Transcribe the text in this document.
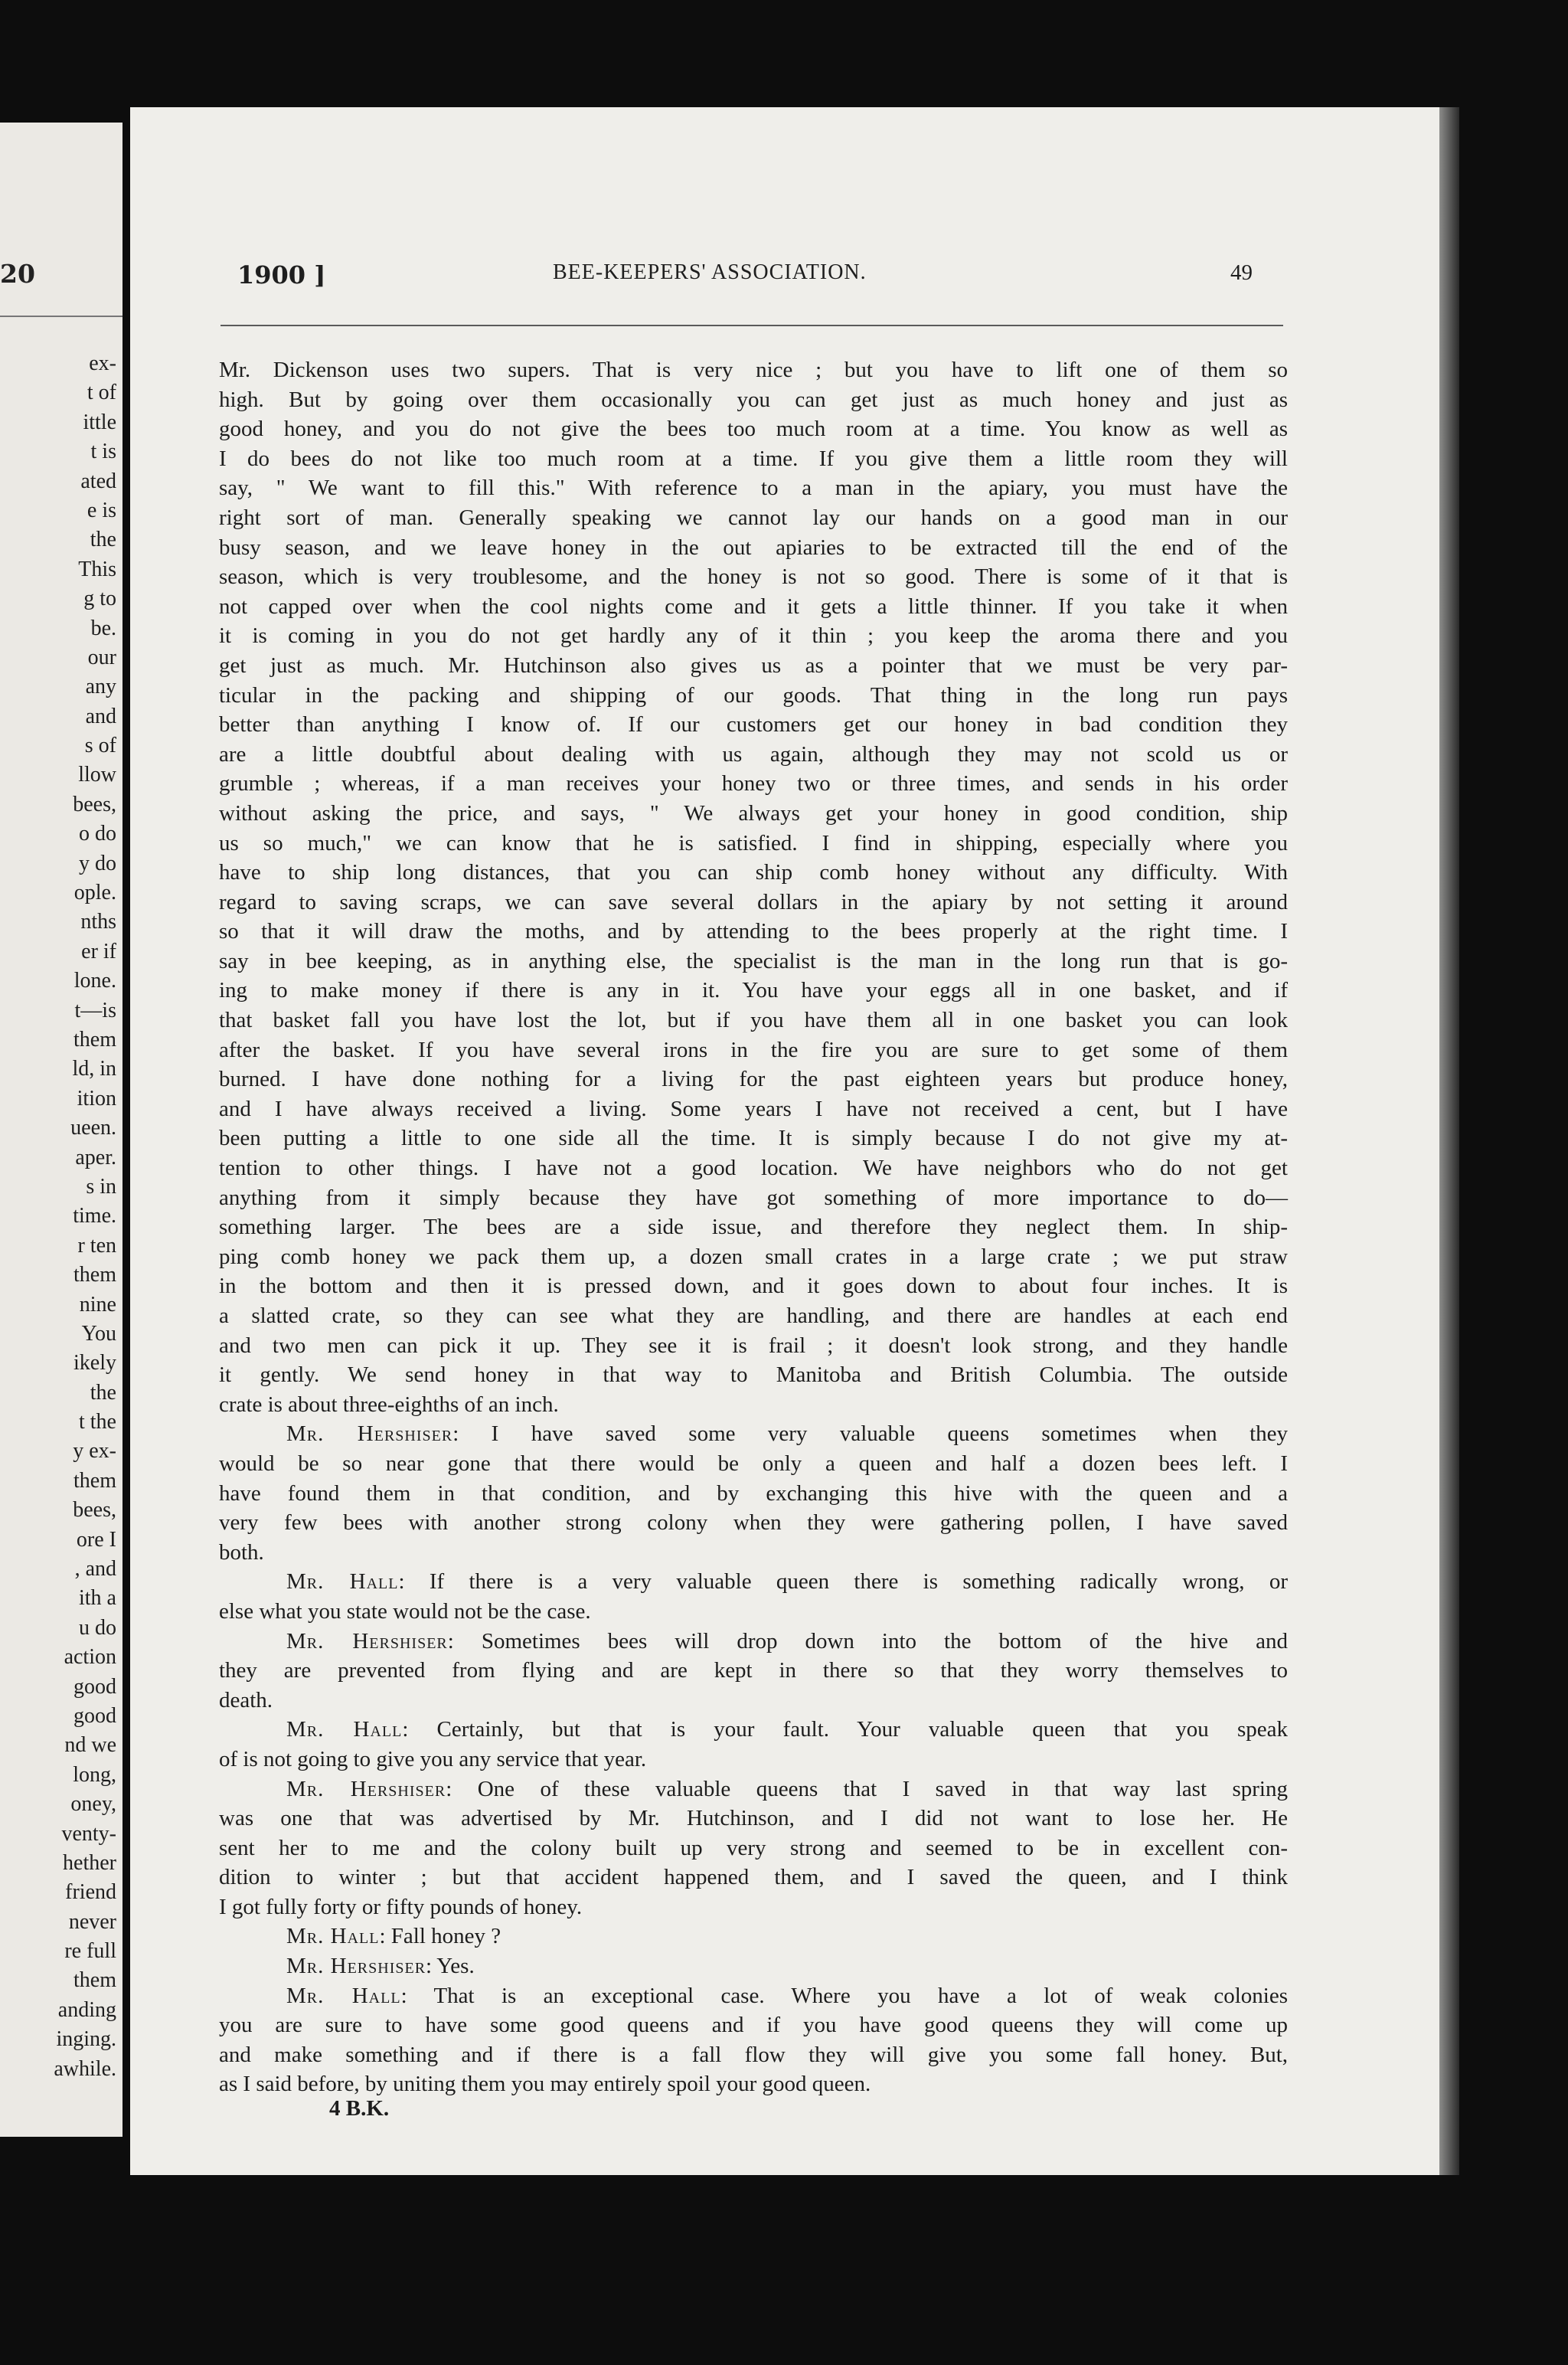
20
ex-
t of
ittle
t is
ated
e is
the
This
g to
be.
our
any
and
s of
llow
bees,
o do
y do
ople.
nths
er if
lone.
t—is
them
ld, in
ition
ueen.
aper.
s in
time.
r ten
them
nine
You
ikely
the
t the
y ex-
them
bees,
ore I
, and
ith a
u do
action
good
good
nd we
long,
oney,
venty-
hether
friend
never
re full
them
anding
inging.
awhile.
1900 ]	BEE-KEEPERS' ASSOCIATION.	49
Mr. Dickenson uses two supers. That is very nice ; but you have to lift one of them so
high. But by going over them occasionally you can get just as much honey and just as
good honey, and you do not give the bees too much room at a time. You know as well as
I do bees do not like too much room at a time. If you give them a little room they will
say, " We want to fill this." With reference to a man in the apiary, you must have the
right sort of man. Generally speaking we cannot lay our hands on a good man in our
busy season, and we leave honey in the out apiaries to be extracted till the end of the
season, which is very troublesome, and the honey is not so good. There is some of it that is
not capped over when the cool nights come and it gets a little thinner. If you take it when
it is coming in you do not get hardly any of it thin ; you keep the aroma there and you
get just as much. Mr. Hutchinson also gives us as a pointer that we must be very par-
ticular in the packing and shipping of our goods. That thing in the long run pays
better than anything I know of. If our customers get our honey in bad condition they
are a little doubtful about dealing with us again, although they may not scold us or
grumble ; whereas, if a man receives your honey two or three times, and sends in his order
without asking the price, and says, " We always get your honey in good condition, ship
us so much," we can know that he is satisfied. I find in shipping, especially where you
have to ship long distances, that you can ship comb honey without any difficulty. With
regard to saving scraps, we can save several dollars in the apiary by not setting it around
so that it will draw the moths, and by attending to the bees properly at the right time. I
say in bee keeping, as in anything else, the specialist is the man in the long run that is go-
ing to make money if there is any in it. You have your eggs all in one basket, and if
that basket fall you have lost the lot, but if you have them all in one basket you can look
after the basket. If you have several irons in the fire you are sure to get some of them
burned. I have done nothing for a living for the past eighteen years but produce honey,
and I have always received a living. Some years I have not received a cent, but I have
been putting a little to one side all the time. It is simply because I do not give my at-
tention to other things. I have not a good location. We have neighbors who do not get
anything from it simply because they have got something of more importance to do—
something larger. The bees are a side issue, and therefore they neglect them. In ship-
ping comb honey we pack them up, a dozen small crates in a large crate ; we put straw
in the bottom and then it is pressed down, and it goes down to about four inches. It is
a slatted crate, so they can see what they are handling, and there are handles at each end
and two men can pick it up. They see it is frail ; it doesn't look strong, and they handle
it gently. We send honey in that way to Manitoba and British Columbia. The outside
crate is about three-eighths of an inch.
Mr. Hershiser: I have saved some very valuable queens sometimes when they
would be so near gone that there would be only a queen and half a dozen bees left. I
have found them in that condition, and by exchanging this hive with the queen and a
very few bees with another strong colony when they were gathering pollen, I have saved
both.
Mr. Hall: If there is a very valuable queen there is something radically wrong, or
else what you state would not be the case.
Mr. Hershiser: Sometimes bees will drop down into the bottom of the hive and
they are prevented from flying and are kept in there so that they worry themselves to
death.
Mr. Hall: Certainly, but that is your fault. Your valuable queen that you speak
of is not going to give you any service that year.
Mr. Hershiser: One of these valuable queens that I saved in that way last spring
was one that was advertised by Mr. Hutchinson, and I did not want to lose her. He
sent her to me and the colony built up very strong and seemed to be in excellent con-
dition to winter ; but that accident happened them, and I saved the queen, and I think
I got fully forty or fifty pounds of honey.
Mr. Hall: Fall honey ?
Mr. Hershiser: Yes.
Mr. Hall: That is an exceptional case. Where you have a lot of weak colonies
you are sure to have some good queens and if you have good queens they will come up
and make something and if there is a fall flow they will give you some fall honey. But,
as I said before, by uniting them you may entirely spoil your good queen.
4 B.K.
